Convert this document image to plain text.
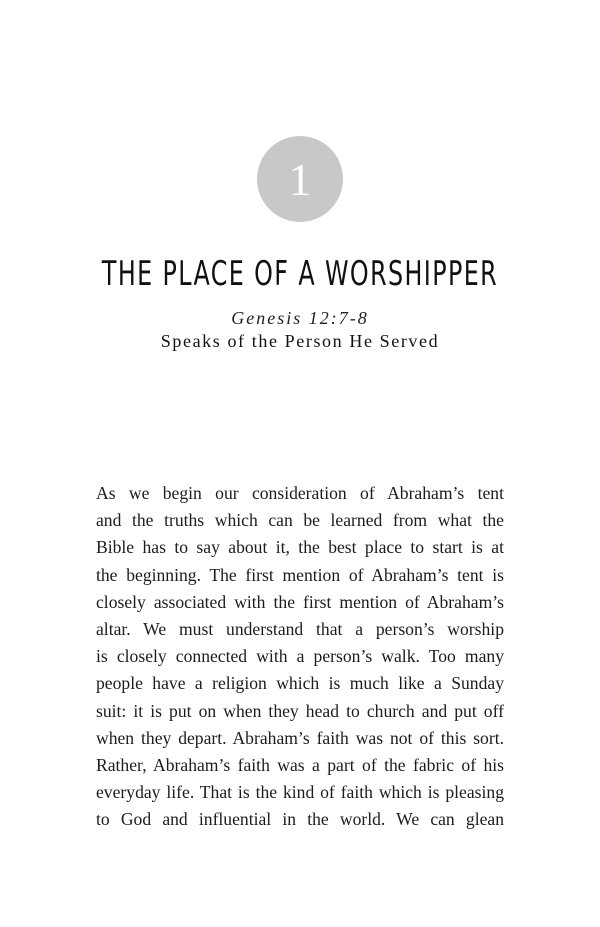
1
THE PLACE OF A WORSHIPPER
Genesis 12:7-8
Speaks of the Person He Served
As we begin our consideration of Abraham’s tent
and the truths which can be learned from what the
Bible has to say about it, the best place to start is at
the beginning. The first mention of Abraham’s tent is
closely associated with the first mention of Abraham’s
altar. We must understand that a person’s worship
is closely connected with a person’s walk. Too many
people have a religion which is much like a Sunday
suit: it is put on when they head to church and put off
when they depart. Abraham’s faith was not of this sort.
Rather, Abraham’s faith was a part of the fabric of his
everyday life. That is the kind of faith which is pleasing
to God and influential in the world. We can glean
